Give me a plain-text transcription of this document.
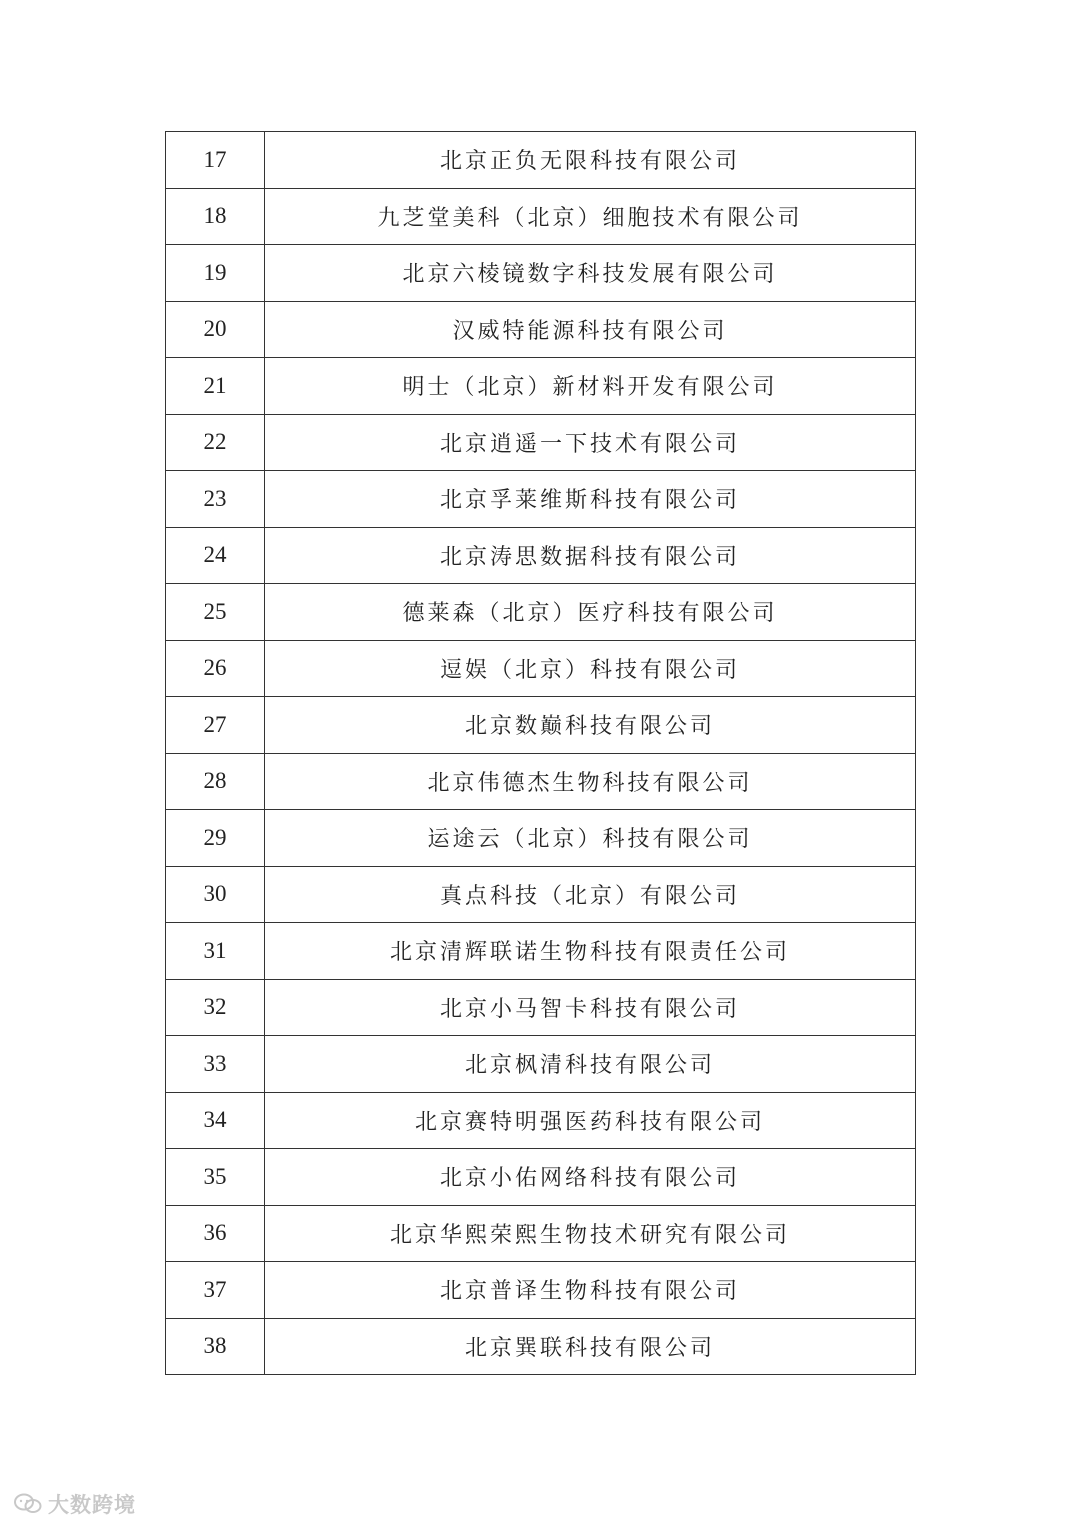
17	北京正负无限科技有限公司
18	九芝堂美科（北京）细胞技术有限公司
19	北京六棱镜数字科技发展有限公司
20	汉威特能源科技有限公司
21	明士（北京）新材料开发有限公司
22	北京逍遥一下技术有限公司
23	北京孚莱维斯科技有限公司
24	北京涛思数据科技有限公司
25	德莱森（北京）医疗科技有限公司
26	逗娱（北京）科技有限公司
27	北京数巅科技有限公司
28	北京伟德杰生物科技有限公司
29	运途云（北京）科技有限公司
30	真点科技（北京）有限公司
31	北京清辉联诺生物科技有限责任公司
32	北京小马智卡科技有限公司
33	北京枫清科技有限公司
34	北京赛特明强医药科技有限公司
35	北京小佑网络科技有限公司
36	北京华熙荣熙生物技术研究有限公司
37	北京普译生物科技有限公司
38	北京巽联科技有限公司
大数跨境
